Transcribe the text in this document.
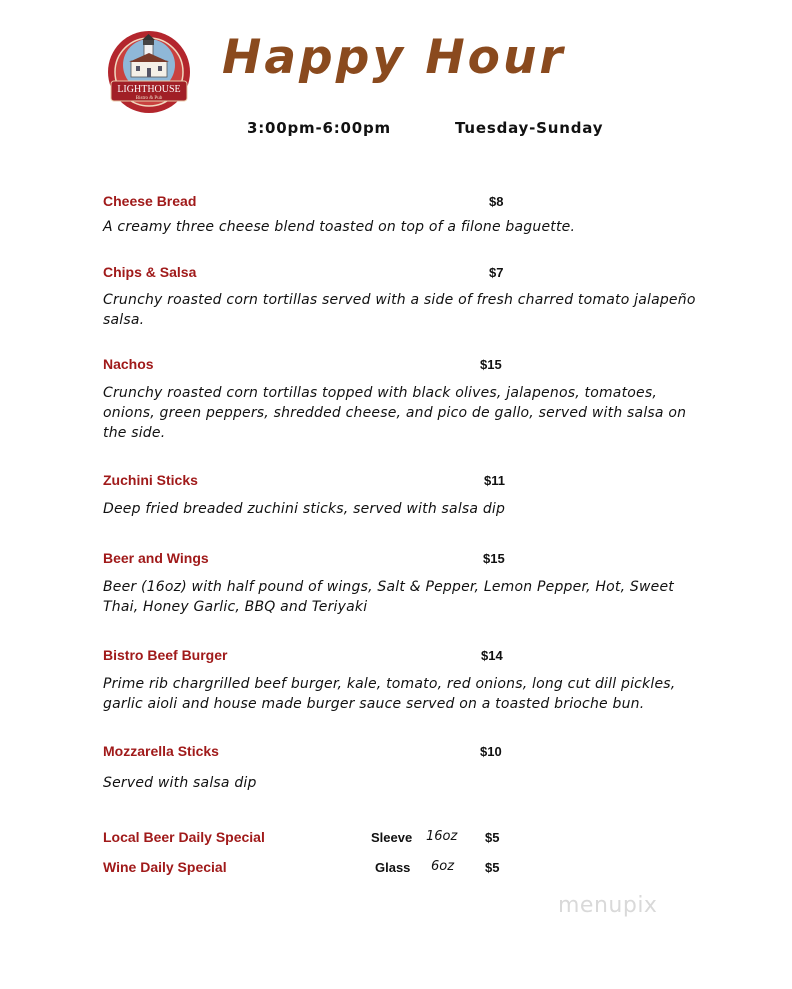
LIGHTHOUSE
Bistro & Pub
Happy Hour
3:00pm-6:00pm	Tuesday-Sunday
Cheese Bread	$8
A creamy three cheese blend toasted on top of a filone baguette.
Chips & Salsa	$7
Crunchy roasted corn tortillas served with a side of fresh charred tomato jalapeño salsa.
Nachos	$15
Crunchy roasted corn tortillas topped with black olives, jalapenos, tomatoes, onions, green peppers, shredded cheese, and pico de gallo, served with salsa on the side.
Zuchini Sticks	$11
Deep fried breaded zuchini sticks, served with salsa dip
Beer and Wings	$15
Beer (16oz) with half pound of wings, Salt & Pepper, Lemon Pepper, Hot, Sweet Thai, Honey Garlic, BBQ and Teriyaki
Bistro Beef Burger	$14
Prime rib chargrilled beef burger, kale, tomato, red onions, long cut dill pickles, garlic aioli and house made burger sauce served on a toasted brioche bun.
Mozzarella Sticks	$10
Served with salsa dip
Local Beer Daily Special	Sleeve 16oz $5
Wine Daily Special	Glass 6oz $5
menupix
